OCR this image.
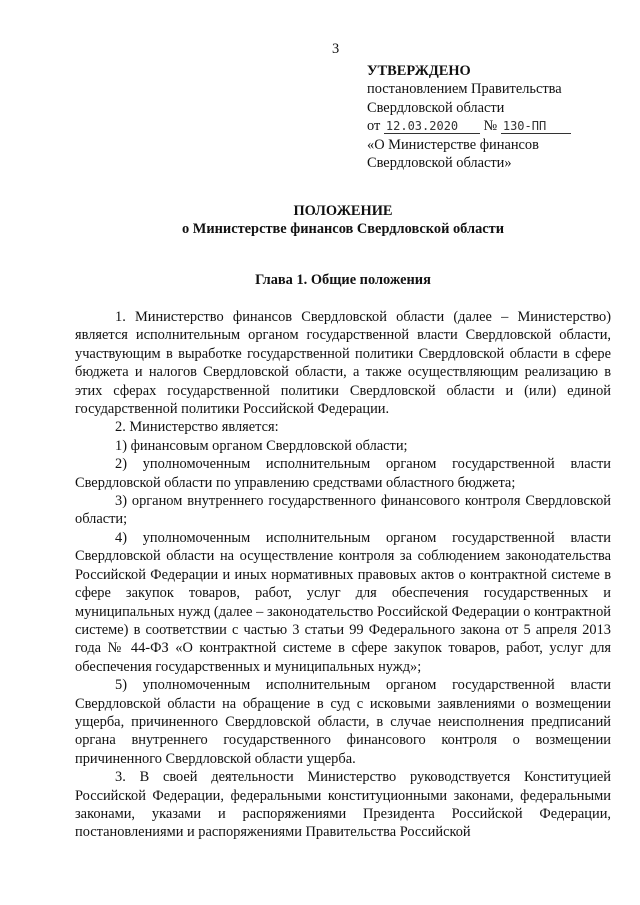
3
УТВЕРЖДЕНО
постановлением Правительства
Свердловской области
от 12.03.2020 № 130-ПП
«О Министерстве финансов
Свердловской области»
ПОЛОЖЕНИЕ
о Министерстве финансов Свердловской области
Глава 1. Общие положения

1. Министерство финансов Свердловской области (далее – Министерство) является исполнительным органом государственной власти Свердловской области, участвующим в выработке государственной политики Свердловской области в сфере бюджета и налогов Свердловской области, а также осуществляющим реализацию в этих сферах государственной политики Свердловской области и (или) единой государственной политики Российской Федерации.

2. Министерство является:

1) финансовым органом Свердловской области;

2) уполномоченным исполнительным органом государственной власти Свердловской области по управлению средствами областного бюджета;

3) органом внутреннего государственного финансового контроля Свердловской области;

4) уполномоченным исполнительным органом государственной власти Свердловской области на осуществление контроля за соблюдением законодательства Российской Федерации и иных нормативных правовых актов о контрактной системе в сфере закупок товаров, работ, услуг для обеспечения государственных и муниципальных нужд (далее – законодательство Российской Федерации о контрактной системе) в соответствии с частью 3 статьи 99 Федерального закона от 5 апреля 2013 года № 44-ФЗ «О контрактной системе в сфере закупок товаров, работ, услуг для обеспечения государственных и муниципальных нужд»;

5) уполномоченным исполнительным органом государственной власти Свердловской области на обращение в суд с исковыми заявлениями о возмещении ущерба, причиненного Свердловской области, в случае неисполнения предписаний органа внутреннего государственного финансового контроля о возмещении причиненного Свердловской области ущерба.

3. В своей деятельности Министерство руководствуется Конституцией Российской Федерации, федеральными конституционными законами, федеральными законами, указами и распоряжениями Президента Российской Федерации, постановлениями и распоряжениями Правительства Российской
